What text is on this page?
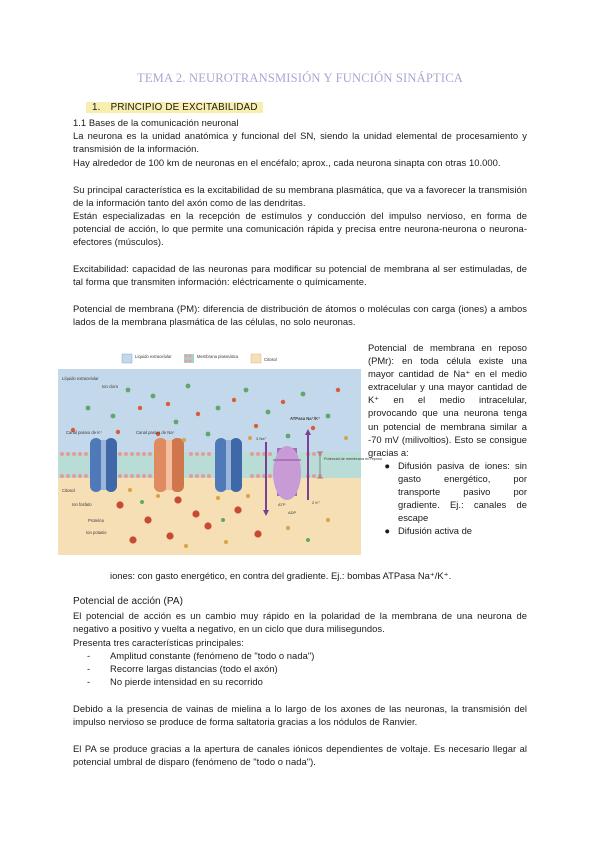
TEMA 2. NEUROTRANSMISIÓN Y FUNCIÓN SINÁPTICA
1. PRINCIPIO DE EXCITABILIDAD
1.1 Bases de la comunicación neuronal
La neurona es la unidad anatómica y funcional del SN, siendo la unidad elemental de procesamiento y transmisión de la información.
Hay alrededor de 100 km de neuronas en el encéfalo; aprox., cada neurona sinapta con otras 10.000.
Su principal característica es la excitabilidad de su membrana plasmática, que va a favorecer la transmisión de la información tanto del axón como de las dendritas.
Están especializadas en la recepción de estímulos y conducción del impulso nervioso, en forma de potencial de acción, lo que permite una comunicación rápida y precisa entre neurona-neurona o neurona-efectores (músculos).
Excitabilidad: capacidad de las neuronas para modificar su potencial de membrana al ser estimuladas, de tal forma que transmiten información: eléctricamente o químicamente.
Potencial de membrana (PM): diferencia de distribución de átomos o moléculas con carga (iones) a ambos lados de la membrana plasmática de las células, no solo neuronas.
Líquido extracelular	Membrana plasmática
Citosol
Líquido extracelular
Ion cloro
Canal pasivo de K⁺	Canal pasivo de Na⁺
ATPasa Na⁺/K⁺
3 Na⁺
2 K⁺
ATP
ADP
Potencial de membrana en reposo
Citosol
Ion fosfato
Proteína
Ion potasio
Potencial de membrana en reposo (PMr): en toda célula existe una mayor cantidad de Na⁺ en el medio extracelular y una mayor cantidad de K⁺ en el medio intracelular, provocando que una neurona tenga un potencial de membrana similar a -70 mV (milivoltios). Esto se consigue gracias a:
● Difusión pasiva de iones: sin gasto energético, por transporte pasivo por gradiente. Ej.: canales de escape
● Difusión activa de
iones: con gasto energético, en contra del gradiente. Ej.: bombas ATPasa Na⁺/K⁺.
Potencial de acción (PA)
El potencial de acción es un cambio muy rápido en la polaridad de la membrana de una neurona de negativo a positivo y vuelta a negativo, en un ciclo que dura milisegundos.
Presenta tres características principales:
- Amplitud constante (fenómeno de "todo o nada")
- Recorre largas distancias (todo el axón)
- No pierde intensidad en su recorrido
Debido a la presencia de vainas de mielina a lo largo de los axones de las neuronas, la transmisión del impulso nervioso se produce de forma saltatoria gracias a los nódulos de Ranvier.
El PA se produce gracias a la apertura de canales iónicos dependientes de voltaje. Es necesario llegar al potencial umbral de disparo (fenómeno de "todo o nada").
